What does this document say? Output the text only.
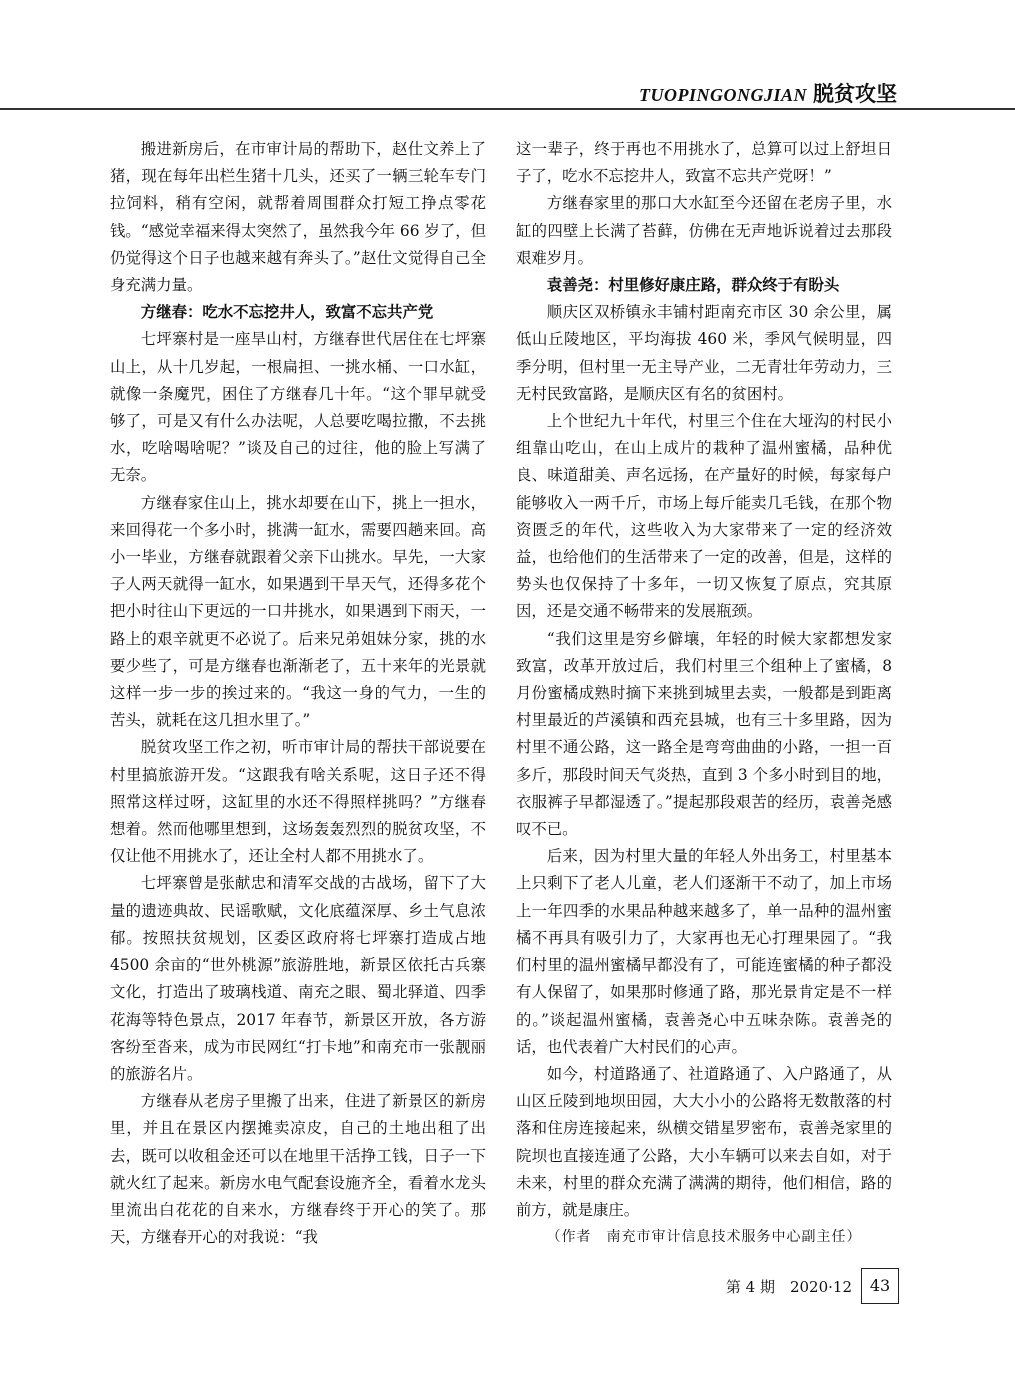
TUOPINGONGJIAN 脱贫攻坚

搬进新房后，在市审计局的帮助下，赵仕文养上了猪，现在每年出栏生猪十几头，还买了一辆三轮车专门拉饲料，稍有空闲，就帮着周围群众打短工挣点零花钱。“感觉幸福来得太突然了，虽然我今年 66 岁了，但仍觉得这个日子也越来越有奔头了。”赵仕文觉得自己全身充满力量。

方继春：吃水不忘挖井人，致富不忘共产党

七坪寨村是一座旱山村，方继春世代居住在七坪寨山上，从十几岁起，一根扁担、一挑水桶、一口水缸，就像一条魔咒，困住了方继春几十年。“这个罪早就受够了，可是又有什么办法呢，人总要吃喝拉撒，不去挑水，吃啥喝啥呢？”谈及自己的过往，他的脸上写满了无奈。

方继春家住山上，挑水却要在山下，挑上一担水，来回得花一个多小时，挑满一缸水，需要四趟来回。高小一毕业，方继春就跟着父亲下山挑水。早先，一大家子人两天就得一缸水，如果遇到干旱天气，还得多花个把小时往山下更远的一口井挑水，如果遇到下雨天，一路上的艰辛就更不必说了。后来兄弟姐妹分家，挑的水要少些了，可是方继春也渐渐老了，五十来年的光景就这样一步一步的挨过来的。“我这一身的气力，一生的苦头，就耗在这几担水里了。”

脱贫攻坚工作之初，听市审计局的帮扶干部说要在村里搞旅游开发。“这跟我有啥关系呢，这日子还不得照常这样过呀，这缸里的水还不得照样挑吗？”方继春想着。然而他哪里想到，这场轰轰烈烈的脱贫攻坚，不仅让他不用挑水了，还让全村人都不用挑水了。

七坪寨曾是张献忠和清军交战的古战场，留下了大量的遗迹典故、民谣歌赋，文化底蕴深厚、乡土气息浓郁。按照扶贫规划，区委区政府将七坪寨打造成占地 4500 余亩的“世外桃源”旅游胜地，新景区依托古兵寨文化，打造出了玻璃栈道、南充之眼、蜀北驿道、四季花海等特色景点，2017 年春节，新景区开放，各方游客纷至沓来，成为市民网红“打卡地”和南充市一张靓丽的旅游名片。

方继春从老房子里搬了出来，住进了新景区的新房里，并且在景区内摆摊卖凉皮，自己的土地出租了出去，既可以收租金还可以在地里干活挣工钱，日子一下就火红了起来。新房水电气配套设施齐全，看着水龙头里流出白花花的自来水，方继春终于开心的笑了。那天，方继春开心的对我说：“我

这一辈子，终于再也不用挑水了，总算可以过上舒坦日子了，吃水不忘挖井人，致富不忘共产党呀！”

方继春家里的那口大水缸至今还留在老房子里，水缸的四壁上长满了苔藓，仿佛在无声地诉说着过去那段艰难岁月。

袁善尧：村里修好康庄路，群众终于有盼头

顺庆区双桥镇永丰铺村距南充市区 30 余公里，属低山丘陵地区，平均海拔 460 米，季风气候明显，四季分明，但村里一无主导产业，二无青壮年劳动力，三无村民致富路，是顺庆区有名的贫困村。

上个世纪九十年代，村里三个住在大垭沟的村民小组靠山吃山，在山上成片的栽种了温州蜜橘，品种优良、味道甜美、声名远扬，在产量好的时候，每家每户能够收入一两千斤，市场上每斤能卖几毛钱，在那个物资匮乏的年代，这些收入为大家带来了一定的经济效益，也给他们的生活带来了一定的改善，但是，这样的势头也仅保持了十多年，一切又恢复了原点，究其原因，还是交通不畅带来的发展瓶颈。

“我们这里是穷乡僻壤，年轻的时候大家都想发家致富，改革开放过后，我们村里三个组种上了蜜橘，8 月份蜜橘成熟时摘下来挑到城里去卖，一般都是到距离村里最近的芦溪镇和西充县城，也有三十多里路，因为村里不通公路，这一路全是弯弯曲曲的小路，一担一百多斤，那段时间天气炎热，直到 3 个多小时到目的地，衣服裤子早都湿透了。”提起那段艰苦的经历，袁善尧感叹不已。

后来，因为村里大量的年轻人外出务工，村里基本上只剩下了老人儿童，老人们逐渐干不动了，加上市场上一年四季的水果品种越来越多了，单一品种的温州蜜橘不再具有吸引力了，大家再也无心打理果园了。“我们村里的温州蜜橘早都没有了，可能连蜜橘的种子都没有人保留了，如果那时修通了路，那光景肯定是不一样的。”谈起温州蜜橘，袁善尧心中五味杂陈。袁善尧的话，也代表着广大村民们的心声。

如今，村道路通了、社道路通了、入户路通了，从山区丘陵到地坝田园，大大小小的公路将无数散落的村落和住房连接起来，纵横交错星罗密布，袁善尧家里的院坝也直接连通了公路，大小车辆可以来去自如，对于未来，村里的群众充满了满满的期待，他们相信，路的前方，就是康庄。

（作者　南充市审计信息技术服务中心副主任）

第 4 期　2020·12	43
